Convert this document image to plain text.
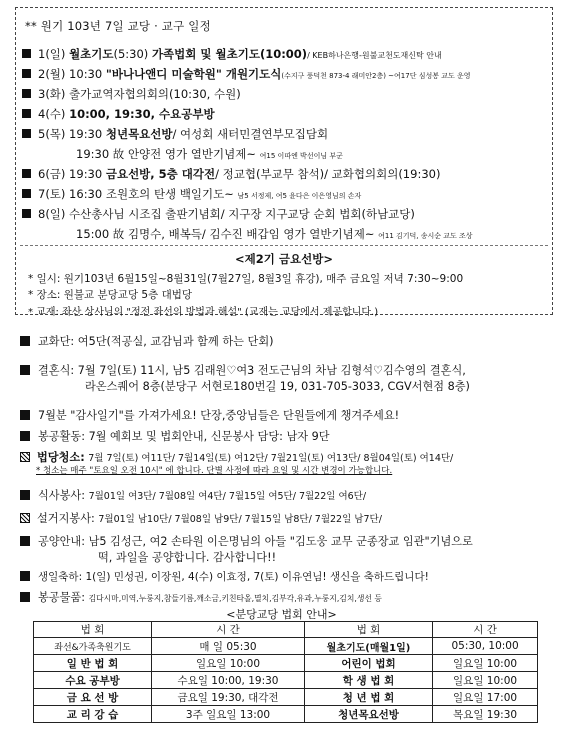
** 원기 103년 7일 교당 · 교구 일정
1(일) 월초기도(5:30) 가족법회 및 월초기도(10:00)/ KEB하나은행-원불교천도재신탁 안내
2(월) 10:30 "바나나앤디 미술학원" 개원기도식(수지구 풍덕천 873-4 래미안2층) ~여17단 심성봉 교도 운영
3(화) 출가교역자협의회의(10:30, 수원)
4(수) 10:00, 19:30, 수요공부방
5(목) 19:30 청년목요선방/ 여성회 새터민결연부모집담회
19:30 故 안양전 영가 열반기념제~ 여15 이따엔 박선이님 부군
6(금) 19:30 금요선방, 5층 대각전/ 정교협(부교무 참석)/ 교화협의회의(19:30)
7(토) 16:30 조원호의 탄생 백일기도~ 남5 서정제, 여5 윤다은 이은영님의 손자
8(일) 수산총사님 시조집 출판기념회/ 지구장 지구교당 순회 법회(하남교당)
15:00 故 김명수, 배복득/ 김수진 배갑임 영가 열반기념제~ 여11 김기덕, 송시순 교도 조상
<제2기 금요선방>
* 일시: 원기103년 6월15일~8월31일(7월27일, 8월3일 휴강), 매주 금요일 저녁 7:30~9:00
* 장소: 원불교 분당교당 5층 대법당
* 교재: 좌산 상사님의 "정전 좌선의 방법과 해설" (교재는 교당에서 제공합니다.)
교화단: 여5단(적공실, 교감님과 함께 하는 단회)
결혼식: 7월 7일(토) 11시, 남5 김래원♡여3 전도근님의 차남 김형석♡김수영의 결혼식,
라온스퀘어 8층(분당구 서현로180번길 19, 031-705-3033, CGV서현점 8층)
7월분 "감사일기"를 가져가세요! 단장,중앙님들은 단원들에게 챙겨주세요!
봉공활동: 7월 예회보 및 법회안내, 신문봉사 담당: 남자 9단
법당청소: 7월 7일(토) 여11단/ 7월14일(토) 여12단/ 7월21일(토) 여13단/ 8월04일(토) 여14단/
* 청소는 매주 "토요일 오전 10시" 에 합니다. 단별 사정에 따라 요일 및 시간 변경이 가능합니다.
식사봉사: 7월01일 여3단/ 7월08일 여4단/ 7월15일 여5단/ 7월22일 여6단/
설거지봉사: 7월01일 남10단/ 7월08일 남9단/ 7월15일 남8단/ 7월22일 남7단/
공양안내: 남5 김성근, 여2 손타원 이은명님의 아들 "김도웅 교무 군종장교 임관"기념으로
떡, 과일을 공양합니다. 감사합니다!!
생일축하: 1(일) 민성권, 이장원, 4(수) 이효정, 7(토) 이유연님! 생신을 축하드립니다!
봉공물품: 김다시마,미역,누룽지,참들기름,깨소금,키친타올,멸치,김부각,유과,누룽지,김치,생선 등
<분당교당 법회 안내>
법 회	시 간	법 회	시 간
좌선&가족축원기도	매 일 05:30	월초기도(매월1일)	05:30, 10:00
일 반 법 회	일요일 10:00	어린이 법회	일요일 10:00
수요 공부방	수요일 10:00, 19:30	학 생 법 회	일요일 10:00
금 요 선 방	금요일 19:30, 대각전	청 년 법 회	일요일 17:00
교 리 강 습	3주 일요일 13:00	청년목요선방	목요일 19:30
